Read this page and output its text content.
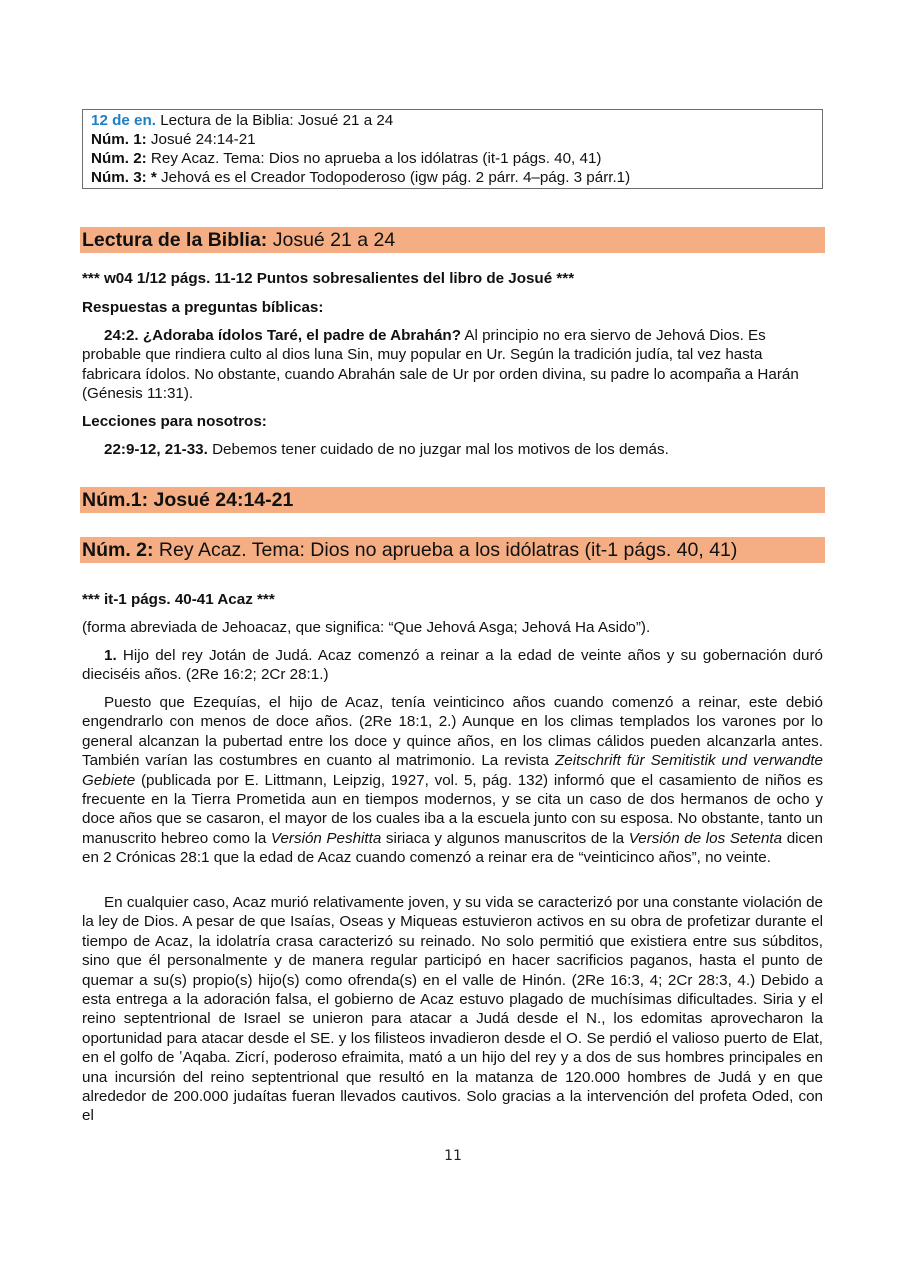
12 de en. Lectura de la Biblia: Josué 21 a 24
Núm. 1: Josué 24:14-21
Núm. 2: Rey Acaz. Tema: Dios no aprueba a los idólatras (it-1 págs. 40, 41)
Núm. 3: * Jehová es el Creador Todopoderoso (igw pág. 2 párr. 4–pág. 3 párr.1)
Lectura de la Biblia: Josué 21 a 24
*** w04 1/12 págs. 11-12 Puntos sobresalientes del libro de Josué ***
Respuestas a preguntas bíblicas:
24:2. ¿Adoraba ídolos Taré, el padre de Abrahán? Al principio no era siervo de Jehová Dios. Es probable que rindiera culto al dios luna Sin, muy popular en Ur. Según la tradición judía, tal vez hasta fabricara ídolos. No obstante, cuando Abrahán sale de Ur por orden divina, su padre lo acompaña a Harán (Génesis 11:31).
Lecciones para nosotros:
22:9-12, 21-33. Debemos tener cuidado de no juzgar mal los motivos de los demás.
Núm.1: Josué 24:14-21
Núm. 2: Rey Acaz. Tema: Dios no aprueba a los idólatras (it-1 págs. 40, 41)
*** it-1 págs. 40-41 Acaz ***
(forma abreviada de Jehoacaz, que significa: “Que Jehová Asga; Jehová Ha Asido”).
1. Hijo del rey Jotán de Judá. Acaz comenzó a reinar a la edad de veinte años y su gobernación duró dieciséis años. (2Re 16:2; 2Cr 28:1.)
Puesto que Ezequías, el hijo de Acaz, tenía veinticinco años cuando comenzó a reinar, este debió engendrarlo con menos de doce años. (2Re 18:1, 2.) Aunque en los climas templados los varones por lo general alcanzan la pubertad entre los doce y quince años, en los climas cálidos pueden alcanzarla antes. También varían las costumbres en cuanto al matrimonio. La revista Zeitschrift für Semitistik und verwandte Gebiete (publicada por E. Littmann, Leipzig, 1927, vol. 5, pág. 132) informó que el casamiento de niños es frecuente en la Tierra Prometida aun en tiempos modernos, y se cita un caso de dos hermanos de ocho y doce años que se casaron, el mayor de los cuales iba a la escuela junto con su esposa. No obstante, tanto un manuscrito hebreo como la Versión Peshitta siriaca y algunos manuscritos de la Versión de los Setenta dicen en 2 Crónicas 28:1 que la edad de Acaz cuando comenzó a reinar era de “veinticinco años”, no veinte.
En cualquier caso, Acaz murió relativamente joven, y su vida se caracterizó por una constante violación de la ley de Dios. A pesar de que Isaías, Oseas y Miqueas estuvieron activos en su obra de profetizar durante el tiempo de Acaz, la idolatría crasa caracterizó su reinado. No solo permitió que existiera entre sus súbditos, sino que él personalmente y de manera regular participó en hacer sacrificios paganos, hasta el punto de quemar a su(s) propio(s) hijo(s) como ofrenda(s) en el valle de Hinón. (2Re 16:3, 4; 2Cr 28:3, 4.) Debido a esta entrega a la adoración falsa, el gobierno de Acaz estuvo plagado de muchísimas dificultades. Siria y el reino septentrional de Israel se unieron para atacar a Judá desde el N., los edomitas aprovecharon la oportunidad para atacar desde el SE. y los filisteos invadieron desde el O. Se perdió el valioso puerto de Elat, en el golfo de ʽAqaba. Zicrí, poderoso efraimita, mató a un hijo del rey y a dos de sus hombres principales en una incursión del reino septentrional que resultó en la matanza de 120.000 hombres de Judá y en que alrededor de 200.000 judaítas fueran llevados cautivos. Solo gracias a la intervención del profeta Oded, con el
11
